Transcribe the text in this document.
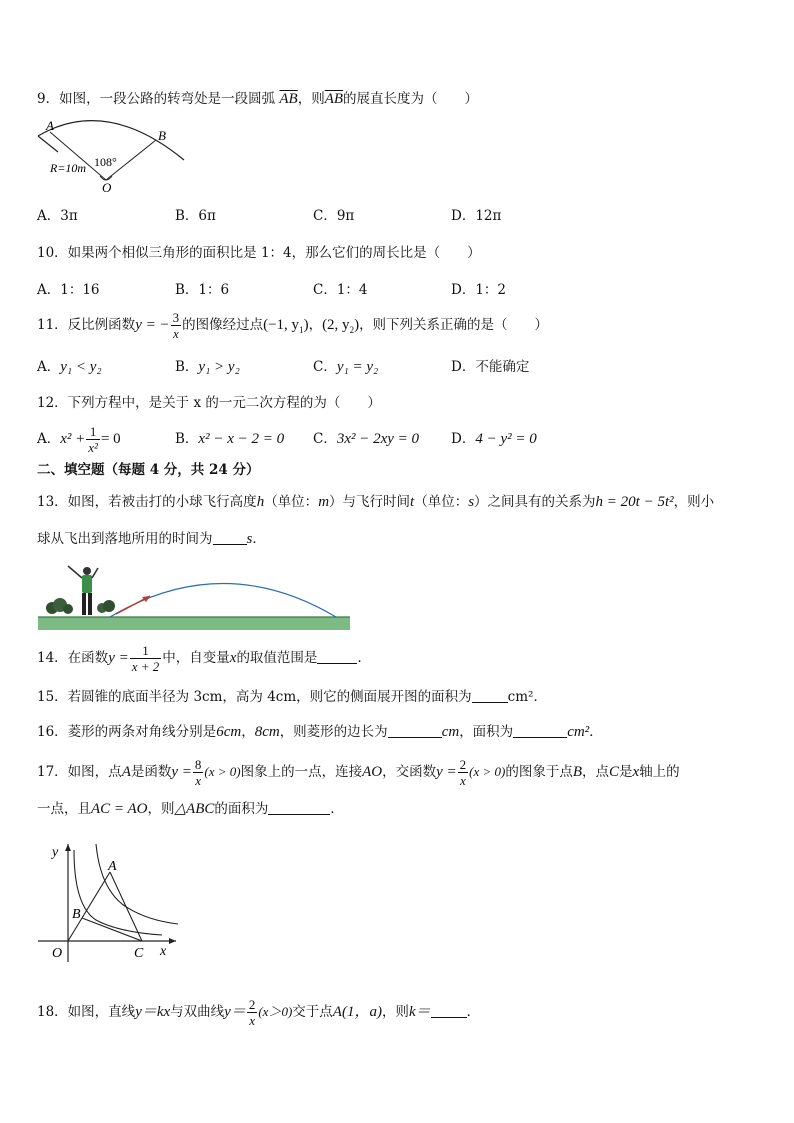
9．如图，一段公路的转弯处是一段圆弧 $\overline{AB}$，则$\overline{AB}$的展直长度为（　　）
A
B
108°
R=10m
O
A．3π	B．6π	C．9π	D．12π
10．如果两个相似三角形的面积比是 1：4，那么它们的周长比是（　　）
A．1：16	B．1：6	C．1：4	D．1：2
11．反比例函数y = − $\frac{3}{x}$ 的图像经过点(−1, $y_1$)，(2, $y_2$)，则下列关系正确的是（　　）
A．y₁ < y₂	B．y₁ > y₂	C．y₁ = y₂	D．不能确定
12．下列方程中，是关于 x 的一元二次方程的为（　　）
A．$x^2 + \frac{1}{\text{x²}} = 0$	B．x² − x − 2 = 0 C．3x² − 2xy = 0 D．4 − y² = 0
二、填空题（每题 4 分，共 24 分）
13．如图，若被击打的小球飞行高度h（单位：m）与飞行时间t（单位：s）之间具有的关系为h = 20t − 5t²，则小
球从飞出到落地所用的时间为 s．
14．在函数$y = \frac{1}{x + 2}$ 中，自变量x的取值范围是	．
15．若圆锥的底面半径为 3cm，高为 4cm，则它的侧面展开图的面积为	cm²．
16．菱形的两条对角线分别是6cm，8cm，则菱形的边长为	cm，面积为	cm²．
17．如图，点A是函数$y = \frac{8}{x} (x > 0)$图象上的一点，连接AO，交函数$y = \frac{2}{x} (x > 0)$的图象于点B，点C是x轴上的
一点，且AC = AO，则△ABC的面积为	．
y
A
B
O	C x
18．如图，直线y＝kx与双曲线$y= \frac{2}{x} (x>0)$交于点A(1，a)，则k＝	．
